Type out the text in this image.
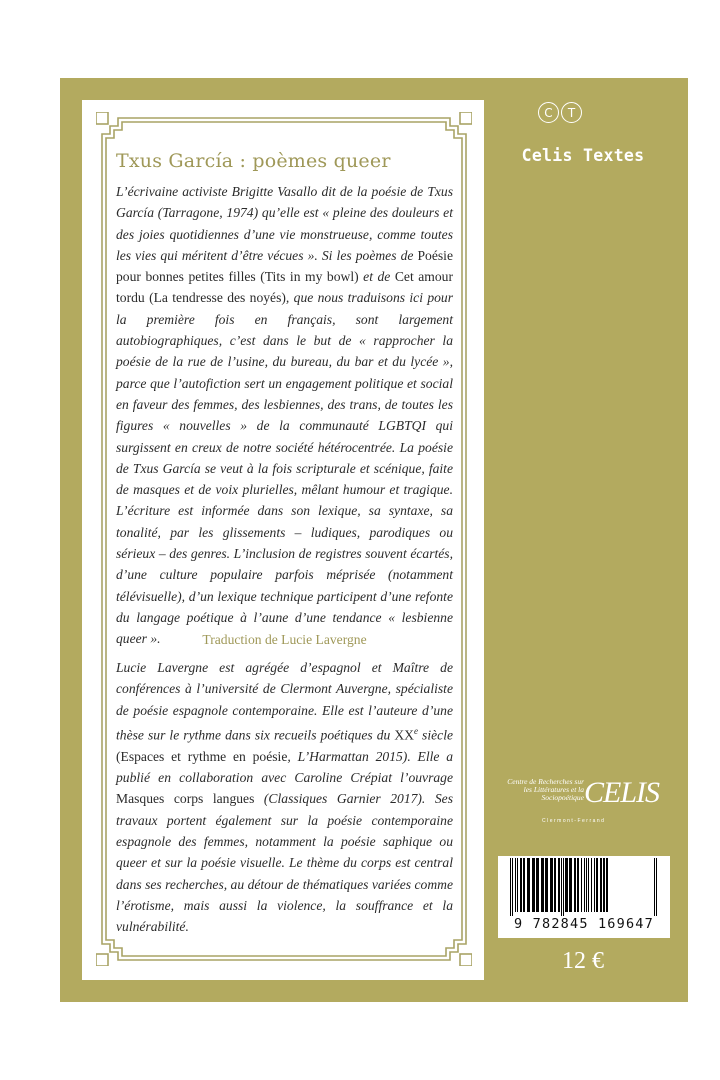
Txus García : poèmes queer
L’écrivaine activiste Brigitte Vasallo dit de la poésie de Txus García (Tarragone, 1974) qu’elle est « pleine des douleurs et des joies quotidiennes d’une vie monstrueuse, comme toutes les vies qui méritent d’être vécues ». Si les poèmes de Poésie pour bonnes petites filles (Tits in my bowl) et de Cet amour tordu (La tendresse des noyés), que nous traduisons ici pour la première fois en français, sont largement autobiographiques, c’est dans le but de « rapprocher la poésie de la rue de l’usine, du bureau, du bar et du lycée », parce que l’autofiction sert un engagement politique et social en faveur des femmes, des lesbiennes, des trans, de toutes les figures « nouvelles » de la communauté LGBTQI qui surgissent en creux de notre société hétérocentrée. La poésie de Txus García se veut à la fois scripturale et scénique, faite de masques et de voix plurielles, mêlant humour et tragique. L’écriture est informée dans son lexique, sa syntaxe, sa tonalité, par les glissements – ludiques, parodiques ou sérieux – des genres. L’inclusion de registres souvent écartés, d’une culture populaire parfois méprisée (notamment télévisuelle), d’un lexique technique participent d’une refonte du langage poétique à l’aune d’une tendance « lesbienne queer ».	Traduction de Lucie Lavergne
Lucie Lavergne est agrégée d’espagnol et Maître de conférences à l’université de Clermont Auvergne, spécialiste de poésie espagnole contemporaine. Elle est l’auteure d’une thèse sur le rythme dans six recueils poétiques du XXe siècle (Espaces et rythme en poésie, L’Harmattan 2015). Elle a publié en collaboration avec Caroline Crépiat l’ouvrage Masques corps langues (Classiques Garnier 2017). Ses travaux portent également sur la poésie contemporaine espagnole des femmes, notamment la poésie saphique ou queer et sur la poésie visuelle. Le thème du corps est central dans ses recherches, au détour de thématiques variées comme l’érotisme, mais aussi la violence, la souffrance et la vulnérabilité.
C	T
Celis Textes
Centre de Recherches sur les Littératures et la Sociopoétique CELIS
Clermont-Ferrand
9 782845 169647
12 €
